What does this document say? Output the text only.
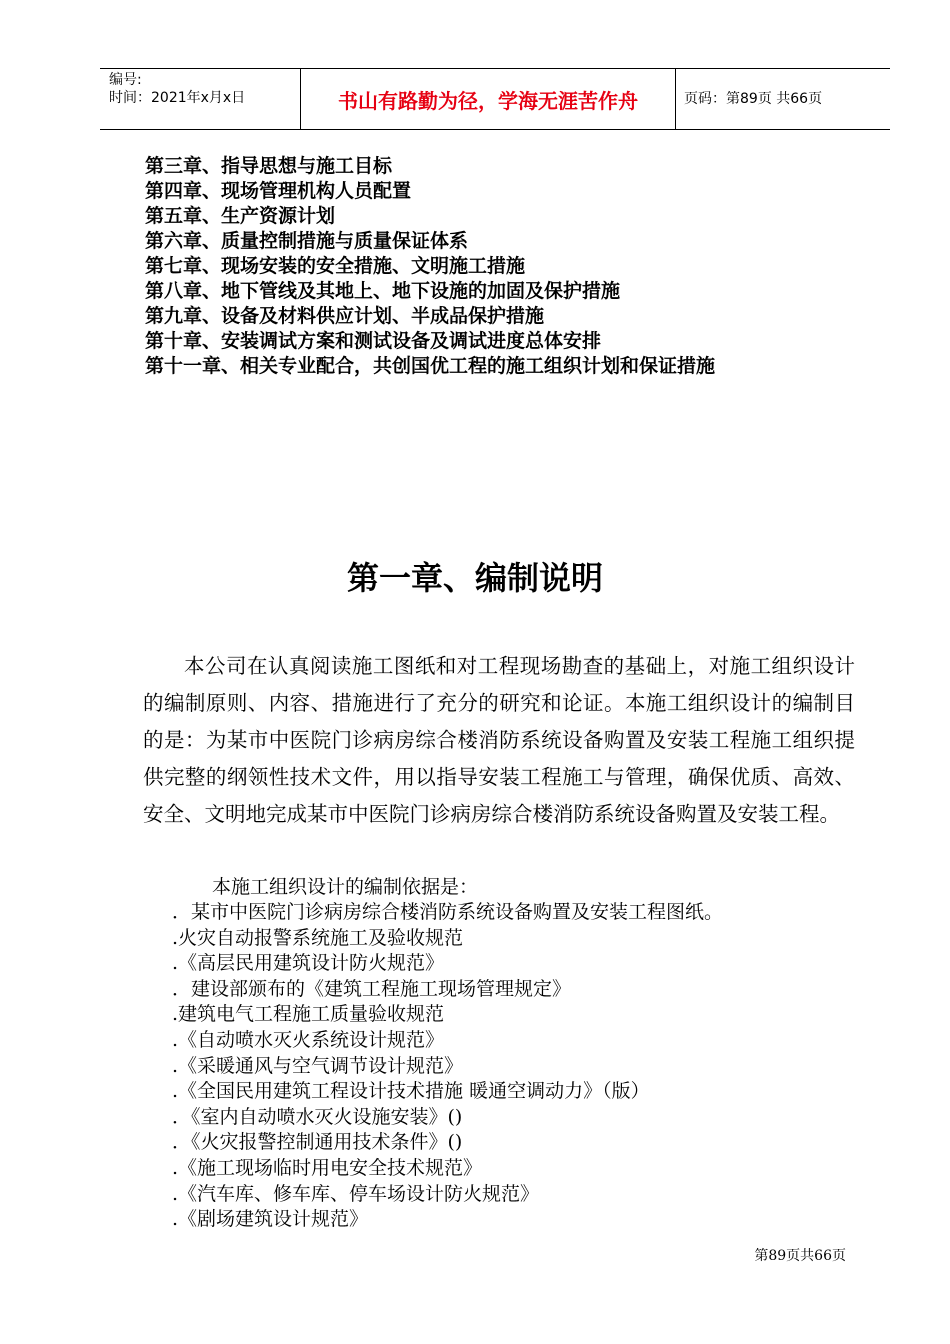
编号:
时间：2021年x月x日	书山有路勤为径，学海无涯苦作舟	页码：第89页 共66页
第三章、指导思想与施工目标
第四章、现场管理机构人员配置
第五章、生产资源计划
第六章、质量控制措施与质量保证体系
第七章、现场安装的安全措施、文明施工措施
第八章、地下管线及其地上、地下设施的加固及保护措施
第九章、设备及材料供应计划、半成品保护措施
第十章、安装调试方案和测试设备及调试进度总体安排
第十一章、相关专业配合，共创国优工程的施工组织计划和保证措施
第一章、编制说明

本公司在认真阅读施工图纸和对工程现场勘查的基础上，对施工组织设计的编制原则、内容、措施进行了充分的研究和论证。本施工组织设计的编制目的是：为某市中医院门诊病房综合楼消防系统设备购置及安装工程施工组织提供完整的纲领性技术文件，用以指导安装工程施工与管理，确保优质、高效、安全、文明地完成某市中医院门诊病房综合楼消防系统设备购置及安装工程。

本施工组织设计的编制依据是：

．某市中医院门诊病房综合楼消防系统设备购置及安装工程图纸。
.火灾自动报警系统施工及验收规范
.《高层民用建筑设计防火规范》
．建设部颁布的《建筑工程施工现场管理规定》
.建筑电气工程施工质量验收规范
.《自动喷水灭火系统设计规范》
.《采暖通风与空气调节设计规范》
.《全国民用建筑工程设计技术措施 暖通空调动力》（版）
．《室内自动喷水灭火设施安装》()
．《火灾报警控制通用技术条件》()
.《施工现场临时用电安全技术规范》
.《汽车库、修车库、停车场设计防火规范》
.《剧场建筑设计规范》
第89页共66页
